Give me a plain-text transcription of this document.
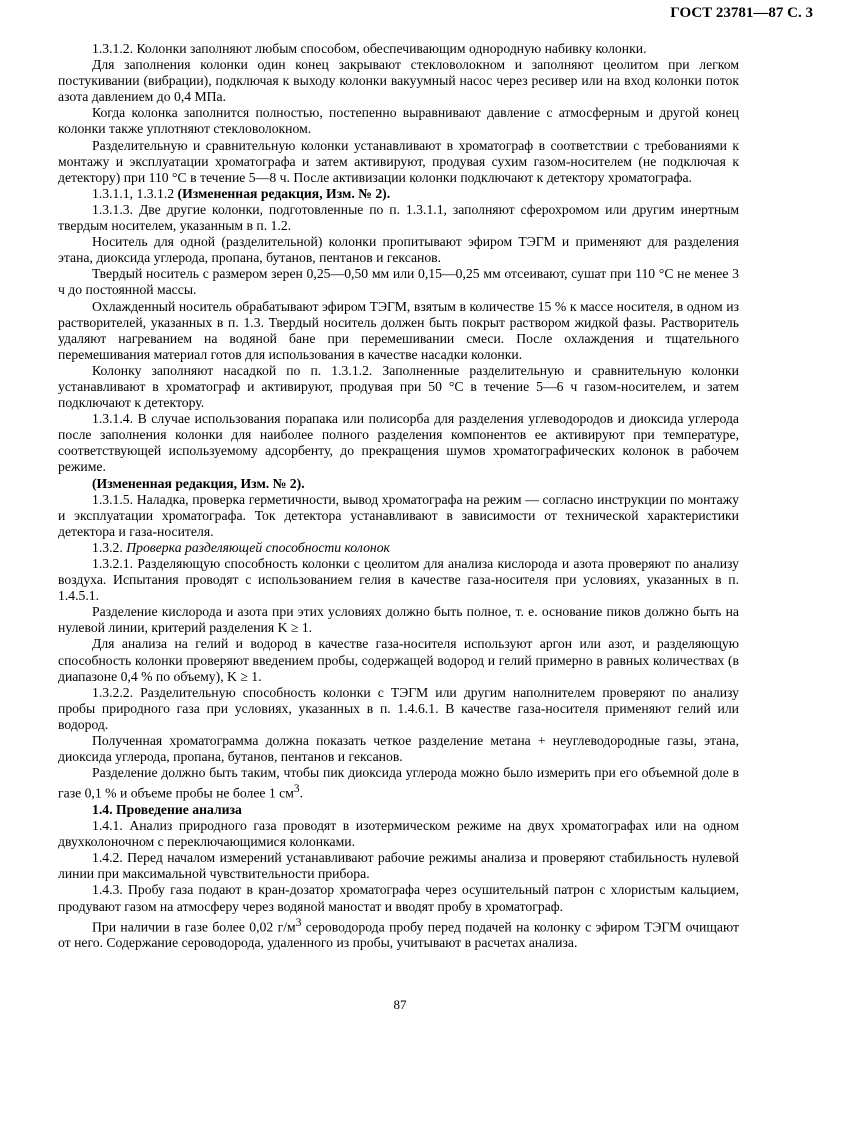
ГОСТ 23781—87 С. 3

1.3.1.2. Колонки заполняют любым способом, обеспечивающим однородную набивку колонки.

Для заполнения колонки один конец закрывают стекловолокном и заполняют цеолитом при легком постукивании (вибрации), подключая к выходу колонки вакуумный насос через ресивер или на вход колонки поток азота давлением до 0,4 МПа.

Когда колонка заполнится полностью, постепенно выравнивают давление с атмосферным и другой конец колонки также уплотняют стекловолокном.

Разделительную и сравнительную колонки устанавливают в хроматограф в соответствии с требованиями к монтажу и эксплуатации хроматографа и затем активируют, продувая сухим газом-носителем (не подключая к детектору) при 110 °С в течение 5—8 ч. После активизации колонки подключают к детектору хроматографа.

1.3.1.1, 1.3.1.2 (Измененная редакция, Изм. № 2).

1.3.1.3. Две другие колонки, подготовленные по п. 1.3.1.1, заполняют сферохромом или другим инертным твердым носителем, указанным в п. 1.2.

Носитель для одной (разделительной) колонки пропитывают эфиром ТЭГМ и применяют для разделения этана, диоксида углерода, пропана, бутанов, пентанов и гексанов.

Твердый носитель с размером зерен 0,25—0,50 мм или 0,15—0,25 мм отсеивают, сушат при 110 °С не менее 3 ч до постоянной массы.

Охлажденный носитель обрабатывают эфиром ТЭГМ, взятым в количестве 15 % к массе носителя, в одном из растворителей, указанных в п. 1.3. Твердый носитель должен быть покрыт раствором жидкой фазы. Растворитель удаляют нагреванием на водяной бане при перемешивании смеси. После охлаждения и тщательного перемешивания материал готов для использования в качестве насадки колонки.

Колонку заполняют насадкой по п. 1.3.1.2. Заполненные разделительную и сравнительную колонки устанавливают в хроматограф и активируют, продувая при 50 °С в течение 5—6 ч газом-носителем, и затем подключают к детектору.

1.3.1.4. В случае использования порапака или полисорба для разделения углеводородов и диоксида углерода после заполнения колонки для наиболее полного разделения компонентов ее активируют при температуре, соответствующей используемому адсорбенту, до прекращения шумов хроматографических колонок в рабочем режиме.

(Измененная редакция, Изм. № 2).

1.3.1.5. Наладка, проверка герметичности, вывод хроматографа на режим — согласно инструкции по монтажу и эксплуатации хроматографа. Ток детектора устанавливают в зависимости от технической характеристики детектора и газа-носителя.

1.3.2. Проверка разделяющей способности колонок

1.3.2.1. Разделяющую способность колонки с цеолитом для анализа кислорода и азота проверяют по анализу воздуха. Испытания проводят с использованием гелия в качестве газа-носителя при условиях, указанных в п. 1.4.5.1.

Разделение кислорода и азота при этих условиях должно быть полное, т. е. основание пиков должно быть на нулевой линии, критерий разделения K ≥ 1.

Для анализа на гелий и водород в качестве газа-носителя используют аргон или азот, и разделяющую способность колонки проверяют введением пробы, содержащей водород и гелий примерно в равных количествах (в диапазоне 0,4 % по объему), K ≥ 1.

1.3.2.2. Разделительную способность колонки с ТЭГМ или другим наполнителем проверяют по анализу пробы природного газа при условиях, указанных в п. 1.4.6.1. В качестве газа-носителя применяют гелий или водород.

Полученная хроматограмма должна показать четкое разделение метана + неуглеводородные газы, этана, диоксида углерода, пропана, бутанов, пентанов и гексанов.

Разделение должно быть таким, чтобы пик диоксида углерода можно было измерить при его объемной доле в газе 0,1 % и объеме пробы не более 1 $см^3$.

1.4. Проведение анализа

1.4.1. Анализ природного газа проводят в изотермическом режиме на двух хроматографах или на одном двухколоночном с переключающимися колонками.

1.4.2. Перед началом измерений устанавливают рабочие режимы анализа и проверяют стабильность нулевой линии при максимальной чувствительности прибора.

1.4.3. Пробу газа подают в кран-дозатор хроматографа через осушительный патрон с хлористым кальцием, продувают газом на атмосферу через водяной маностат и вводят пробу в хроматограф.

При наличии в газе более 0,02 $г/м^3$ сероводорода пробу перед подачей на колонку с эфиром ТЭГМ очищают от него. Содержание сероводорода, удаленного из пробы, учитывают в расчетах анализа.

87
